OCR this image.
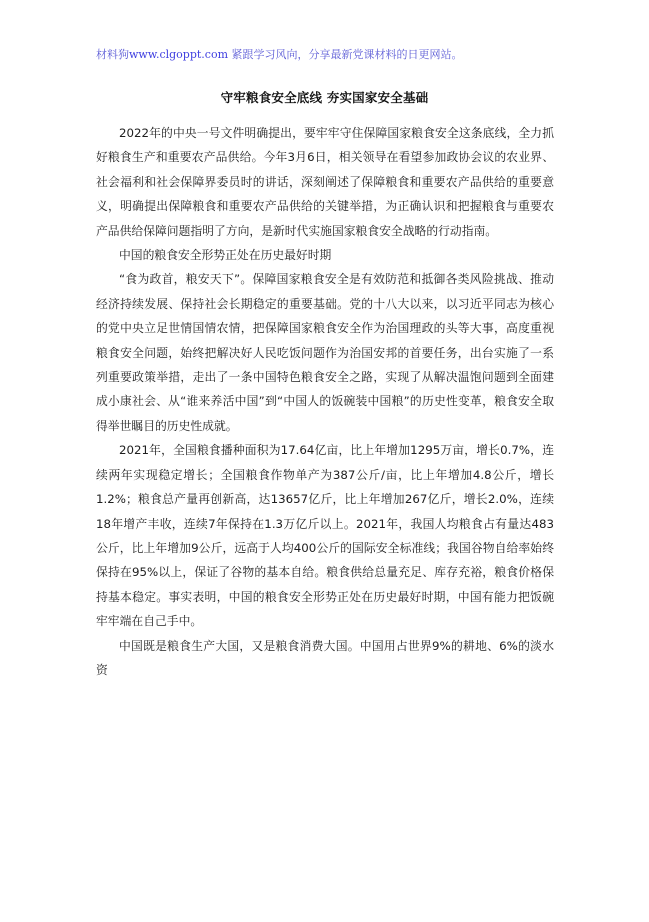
材料狗www.clgoppt.com 紧跟学习风向，分享最新党课材料的日更网站。
守牢粮食安全底线 夯实国家安全基础

2022年的中央一号文件明确提出，要牢牢守住保障国家粮食安全这条底线，全力抓好粮食生产和重要农产品供给。今年3月6日，相关领导在看望参加政协会议的农业界、社会福利和社会保障界委员时的讲话，深刻阐述了保障粮食和重要农产品供给的重要意义，明确提出保障粮食和重要农产品供给的关键举措，为正确认识和把握粮食与重要农产品供给保障问题指明了方向，是新时代实施国家粮食安全战略的行动指南。

中国的粮食安全形势正处在历史最好时期

“食为政首，粮安天下”。保障国家粮食安全是有效防范和抵御各类风险挑战、推动经济持续发展、保持社会长期稳定的重要基础。党的十八大以来，以习近平同志为核心的党中央立足世情国情农情，把保障国家粮食安全作为治国理政的头等大事，高度重视粮食安全问题，始终把解决好人民吃饭问题作为治国安邦的首要任务，出台实施了一系列重要政策举措，走出了一条中国特色粮食安全之路，实现了从解决温饱问题到全面建成小康社会、从“谁来养活中国”到“中国人的饭碗装中国粮”的历史性变革，粮食安全取得举世瞩目的历史性成就。

2021年，全国粮食播种面积为17.64亿亩，比上年增加1295万亩，增长0.7%，连续两年实现稳定增长；全国粮食作物单产为387公斤/亩，比上年增加4.8公斤，增长1.2%；粮食总产量再创新高，达13657亿斤，比上年增加267亿斤，增长2.0%，连续18年增产丰收，连续7年保持在1.3万亿斤以上。2021年，我国人均粮食占有量达483公斤，比上年增加9公斤，远高于人均400公斤的国际安全标准线；我国谷物自给率始终保持在95%以上，保证了谷物的基本自给。粮食供给总量充足、库存充裕，粮食价格保持基本稳定。事实表明，中国的粮食安全形势正处在历史最好时期，中国有能力把饭碗牢牢端在自己手中。

中国既是粮食生产大国，又是粮食消费大国。中国用占世界9%的耕地、6%的淡水资
